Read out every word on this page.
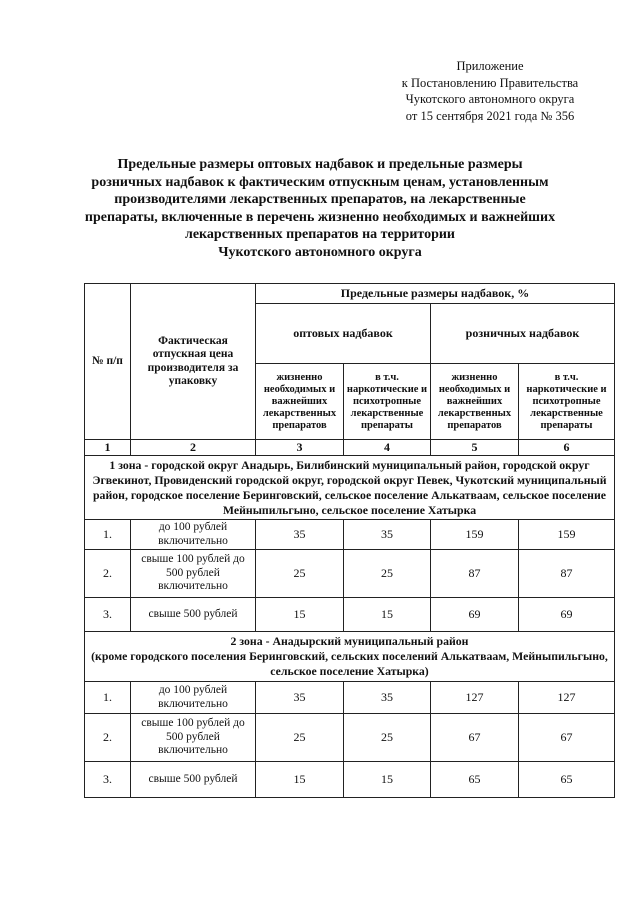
Приложение
к Постановлению Правительства
Чукотского автономного округа
от 15 сентября 2021 года № 356
Предельные размеры оптовых надбавок и предельные размеры
розничных надбавок к фактическим отпускным ценам, установленным
производителями лекарственных препаратов, на лекарственные
препараты, включенные в перечень жизненно необходимых и важнейших
лекарственных препаратов на территории
Чукотского автономного округа
№ п/п	Фактическая отпускная цена производителя за упаковку	Предельные размеры надбавок, %			
		оптовых надбавок		розничных надбавок	
		жизненно необходимых и важнейших лекарственных препаратов	в т.ч. наркотические и психотропные лекарственные препараты	жизненно необходимых и важнейших лекарственных препаратов	в т.ч. наркотические и психотропные лекарственные препараты
1	2	3	4	5	6
1 зона - городской округ Анадырь, Билибинский муниципальный район, городской округ Эгвекинот, Провиденский городской округ, городской округ Певек, Чукотский муниципальный район, городское поселение Беринговский, сельское поселение Алькатваам, сельское поселение Мейныпильгыно, сельское поселение Хатырка					
1.	до 100 рублей включительно	35	35	159	159
2.	свыше 100 рублей до 500 рублей включительно	25	25	87	87
3.	свыше 500 рублей	15	15	69	69

2 зона - Анадырский муниципальный район
(кроме городского поселения Беринговский, сельских поселений Алькатваам, Мейныпильгыно, сельское поселение Хатырка)					

1.	до 100 рублей включительно	35	35	127	127
2.	свыше 100 рублей до 500 рублей включительно	25	25	67	67
3.	свыше 500 рублей	15	15	65	65
